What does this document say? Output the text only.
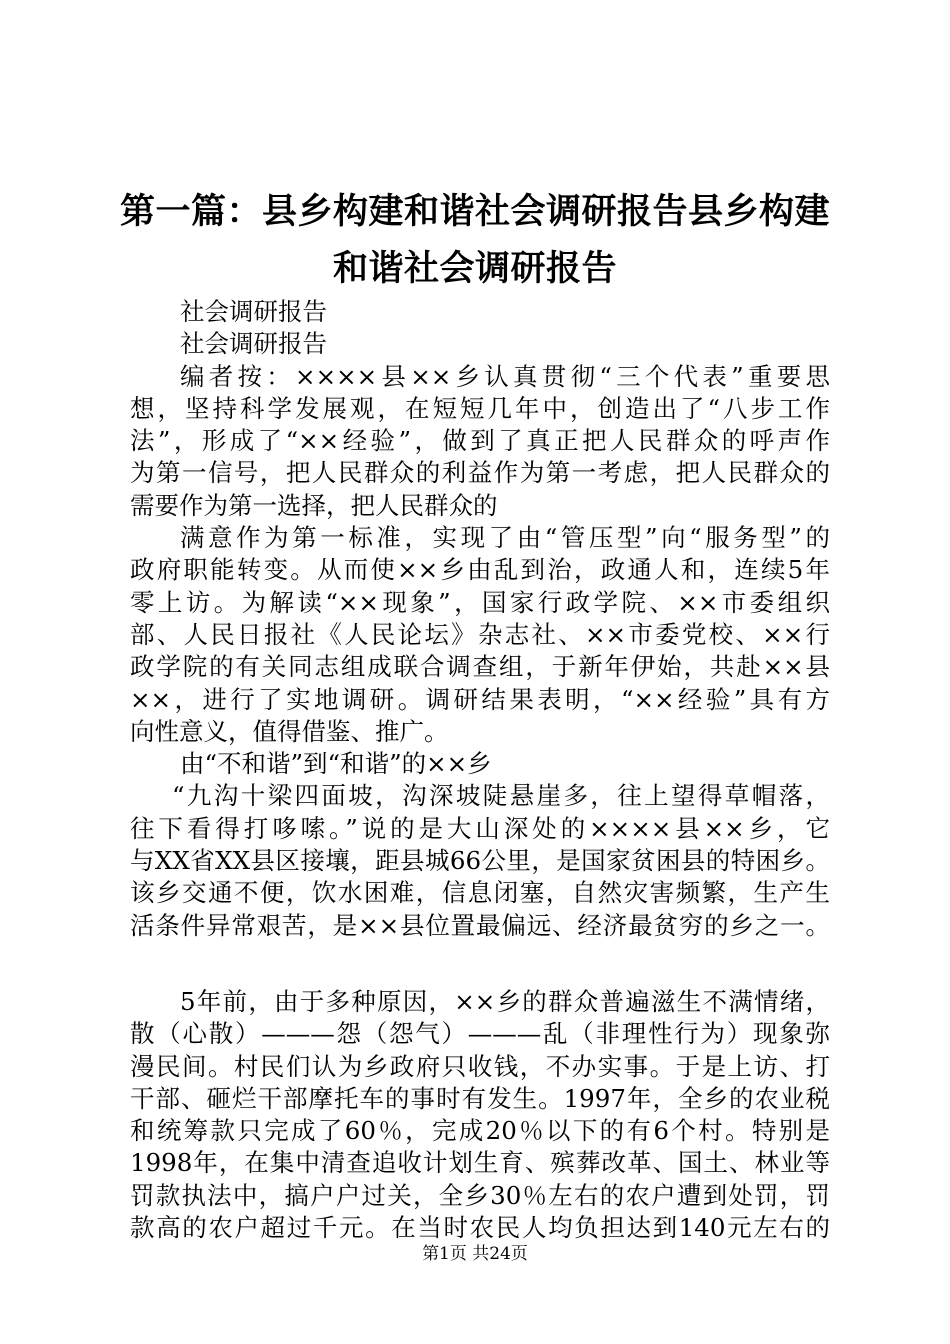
第一篇：县乡构建和谐社会调研报告县乡构建
和谐社会调研报告
社会调研报告
社会调研报告
编者按：××××县××乡认真贯彻“三个代表”重要思
想，坚持科学发展观，在短短几年中，创造出了“八步工作
法”，形成了“××经验”，做到了真正把人民群众的呼声作
为第一信号，把人民群众的利益作为第一考虑，把人民群众的
需要作为第一选择，把人民群众的
满意作为第一标准，实现了由“管压型”向“服务型”的
政府职能转变。从而使××乡由乱到治，政通人和，连续5年
零上访。为解读“××现象”，国家行政学院、××市委组织
部、人民日报社《人民论坛》杂志社、××市委党校、××行
政学院的有关同志组成联合调查组，于新年伊始，共赴××县
××，进行了实地调研。调研结果表明，“××经验”具有方
向性意义，值得借鉴、推广。
由“不和谐”到“和谐”的××乡
“九沟十梁四面坡，沟深坡陡悬崖多，往上望得草帽落，
往下看得打哆嗦。”说的是大山深处的××××县××乡，它
与XX省XX县区接壤，距县城66公里，是国家贫困县的特困乡。
该乡交通不便，饮水困难，信息闭塞，自然灾害频繁，生产生
活条件异常艰苦，是××县位置最偏远、经济最贫穷的乡之一。
5年前，由于多种原因，××乡的群众普遍滋生不满情绪，
散（心散）———怨（怨气）———乱（非理性行为）现象弥
漫民间。村民们认为乡政府只收钱，不办实事。于是上访、打
干部、砸烂干部摩托车的事时有发生。1997年，全乡的农业税
和统筹款只完成了60％，完成20％以下的有6个村。特别是
1998年，在集中清查追收计划生育、殡葬改革、国土、林业等
罚款执法中，搞户户过关，全乡30％左右的农户遭到处罚，罚
款高的农户超过千元。在当时农民人均负担达到140元左右的
第1页 共24页
